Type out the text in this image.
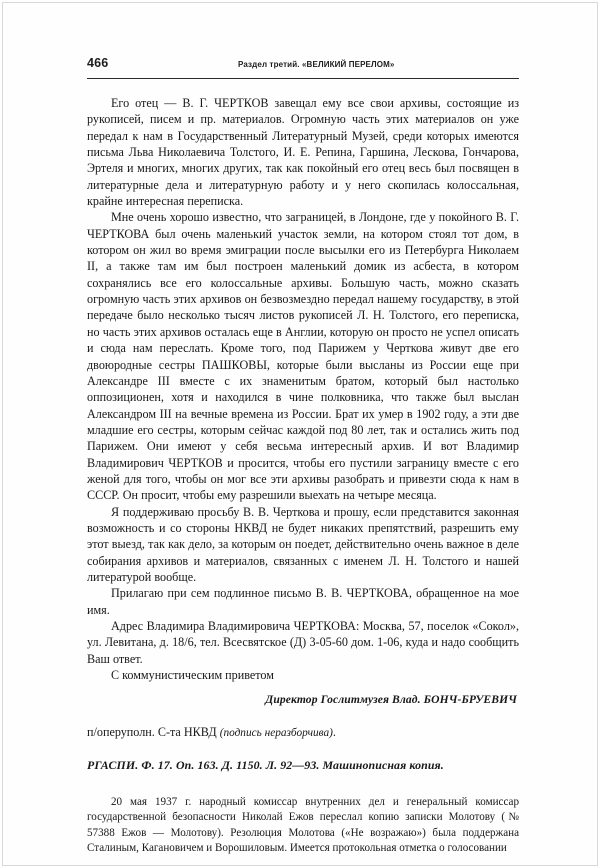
466	Раздел третий. «ВЕЛИКИЙ ПЕРЕЛОМ»

Его отец — В. Г. ЧЕРТКОВ завещал ему все свои архивы, состоящие из рукописей, писем и пр. материалов. Огромную часть этих материалов он уже передал к нам в Государственный Литературный Музей, среди которых имеются письма Льва Николаевича Толстого, И. Е. Репина, Гаршина, Лескова, Гончарова, Эртеля и многих, многих других, так как покойный его отец весь был посвящен в литературные дела и литературную работу и у него скопилась колоссальная, крайне интересная переписка.

Мне очень хорошо известно, что заграницей, в Лондоне, где у покойного В. Г. ЧЕРТКОВА был очень маленький участок земли, на котором стоял тот дом, в котором он жил во время эмиграции после высылки его из Петербурга Николаем II, а также там им был построен маленький домик из асбеста, в котором сохранялись все его колоссальные архивы. Большую часть, можно сказать огромную часть этих архивов он безвозмездно передал нашему государству, в этой передаче было несколько тысяч листов рукописей Л. Н. Толстого, его переписка, но часть этих архивов осталась еще в Англии, которую он просто не успел описать и сюда нам переслать. Кроме того, под Парижем у Черткова живут две его двоюродные сестры ПАШКОВЫ, которые были высланы из России еще при Александре III вместе с их знаменитым братом, который был настолько оппозиционен, хотя и находился в чине полковника, что также был выслан Александром III на вечные времена из России. Брат их умер в 1902 году, а эти две младшие его сестры, которым сейчас каждой под 80 лет, так и остались жить под Парижем. Они имеют у себя весьма интересный архив. И вот Владимир Владимирович ЧЕРТКОВ и просится, чтобы его пустили заграницу вместе с его женой для того, чтобы он мог все эти архивы разобрать и привезти сюда к нам в СССР. Он просит, чтобы ему разрешили выехать на четыре месяца.

Я поддерживаю просьбу В. В. Черткова и прошу, если представится законная возможность и со стороны НКВД не будет никаких препятствий, разрешить ему этот выезд, так как дело, за которым он поедет, действительно очень важное в деле собирания архивов и материалов, связанных с именем Л. Н. Толстого и нашей литературой вообще.

Прилагаю при сем подлинное письмо В. В. ЧЕРТКОВА, обращенное на мое имя.

Адрес Владимира Владимировича ЧЕРТКОВА: Москва, 57, поселок «Сокол», ул. Левитана, д. 18/6, тел. Всесвятское (Д) 3-05-60 дом. 1-06, куда и надо сообщить Ваш ответ.

С коммунистическим приветом

Директор Гослитмузея Влад. БОНЧ-БРУЕВИЧ

п/оперуполн. С-та НКВД (подпись неразборчива).

РГАСПИ. Ф. 17. Оп. 163. Д. 1150. Л. 92—93. Машинописная копия.

20 мая 1937 г. народный комиссар внутренних дел и генеральный комиссар государственной безопасности Николай Ежов переслал копию записки Молотову (№ 57388 Ежов — Молотову). Резолюция Молотова («Не возражаю») была поддержана Сталиным, Кагановичем и Ворошиловым. Имеется протокольная отметка о голосовании
